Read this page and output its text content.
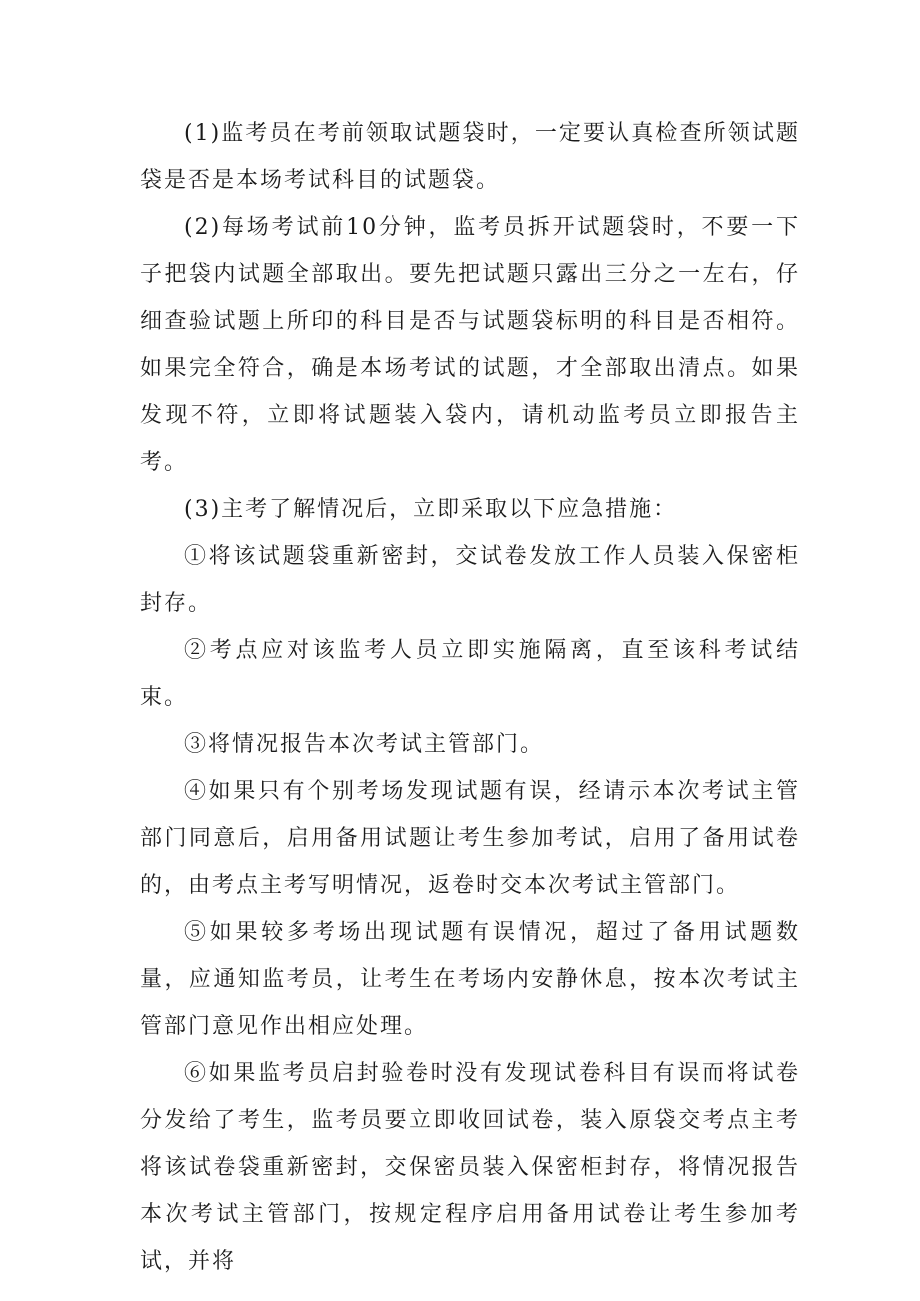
(1)监考员在考前领取试题袋时，一定要认真检查所领试题袋是否是本场考试科目的试题袋。

(2)每场考试前10分钟，监考员拆开试题袋时，不要一下子把袋内试题全部取出。要先把试题只露出三分之一左右，仔细查验试题上所印的科目是否与试题袋标明的科目是否相符。如果完全符合，确是本场考试的试题，才全部取出清点。如果发现不符，立即将试题装入袋内，请机动监考员立即报告主考。

(3)主考了解情况后，立即采取以下应急措施：

①将该试题袋重新密封，交试卷发放工作人员装入保密柜封存。

②考点应对该监考人员立即实施隔离，直至该科考试结束。

③将情况报告本次考试主管部门。

④如果只有个别考场发现试题有误，经请示本次考试主管部门同意后，启用备用试题让考生参加考试，启用了备用试卷的，由考点主考写明情况，返卷时交本次考试主管部门。

⑤如果较多考场出现试题有误情况，超过了备用试题数量，应通知监考员，让考生在考场内安静休息，按本次考试主管部门意见作出相应处理。

⑥如果监考员启封验卷时没有发现试卷科目有误而将试卷分发给了考生，监考员要立即收回试卷，装入原袋交考点主考将该试卷袋重新密封，交保密员装入保密柜封存，将情况报告本次考试主管部门，按规定程序启用备用试卷让考生参加考试，并将
